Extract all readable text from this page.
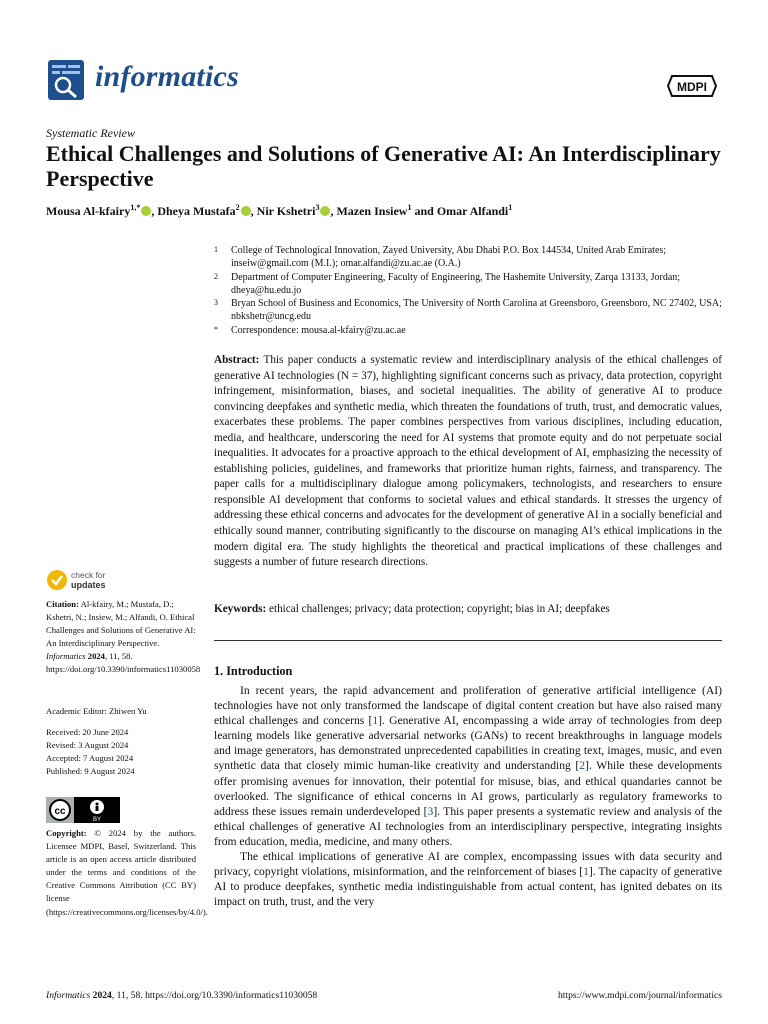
informatics	MDPI
Systematic Review
Ethical Challenges and Solutions of Generative AI: An Interdisciplinary Perspective
Mousa Al-kfairy$^{1,*}$ , Dheya Mustafa$^2$ , Nir Kshetri$^3$ , Mazen Insiew$^1$ and Omar Alfandi$^1$
1	College of Technological Innovation, Zayed University, Abu Dhabi P.O. Box 144534, United Arab Emirates; inseiw@gmail.com (M.I.); omar.alfandi@zu.ac.ae (O.A.)
2	Department of Computer Engineering, Faculty of Engineering, The Hashemite University, Zarqa 13133, Jordan; dheya@hu.edu.jo
3	Bryan School of Business and Economics, The University of North Carolina at Greensboro, Greensboro, NC 27402, USA; nbkshetr@uncg.edu
*	Correspondence: mousa.al-kfairy@zu.ac.ae

Abstract: This paper conducts a systematic review and interdisciplinary analysis of the ethical challenges of generative AI technologies (N = 37), highlighting significant concerns such as privacy, data protection, copyright infringement, misinformation, biases, and societal inequalities. The ability of generative AI to produce convincing deepfakes and synthetic media, which threaten the foundations of truth, trust, and democratic values, exacerbates these problems. The paper combines perspectives from various disciplines, including education, media, and healthcare, underscoring the need for AI systems that promote equity and do not perpetuate social inequalities. It advocates for a proactive approach to the ethical development of AI, emphasizing the necessity of establishing policies, guidelines, and frameworks that prioritize human rights, fairness, and transparency. The paper calls for a multidisciplinary dialogue among policymakers, technologists, and researchers to ensure responsible AI development that conforms to societal values and ethical standards. It stresses the urgency of addressing these ethical concerns and advocates for the development of generative AI in a socially beneficial and ethically sound manner, contributing significantly to the discourse on managing AI’s ethical implications in the modern digital era. The study highlights the theoretical and practical implications of these challenges and suggests a number of future research directions.

Keywords: ethical challenges; privacy; data protection; copyright; bias in AI; deepfakes
1. Introduction

In recent years, the rapid advancement and proliferation of generative artificial intelligence (AI) technologies have not only transformed the landscape of digital content creation but have also raised many ethical challenges and concerns [1]. Generative AI, encompassing a wide array of technologies from deep learning models like generative adversarial networks (GANs) to recent breakthroughs in language models and image generators, has demonstrated unprecedented capabilities in creating text, images, music, and even synthetic data that closely mimic human-like creativity and understanding [2]. While these developments offer promising avenues for innovation, their potential for misuse, bias, and ethical quandaries cannot be overlooked. The significance of ethical concerns in AI grows, particularly as regulatory frameworks to address these issues remain underdeveloped [3]. This paper presents a systematic review and analysis of the ethical challenges of generative AI technologies from an interdisciplinary perspective, integrating insights from education, media, medicine, and many others.

The ethical implications of generative AI are complex, encompassing issues with data security and privacy, copyright violations, misinformation, and the reinforcement of biases [1]. The capacity of generative AI to produce deepfakes, synthetic media indistinguishable from actual content, has ignited debates on its impact on truth, trust, and the very

check for
updates
Citation: Al-kfairy, M.; Mustafa, D.; Kshetri, N.; Insiew, M.; Alfandi, O. Ethical Challenges and Solutions of Generative AI: An Interdisciplinary Perspective. Informatics 2024, 11, 58. https://doi.org/10.3390/informatics11030058
Academic Editor: Zhiwen Yu
Received: 20 June 2024
Revised: 3 August 2024
Accepted: 7 August 2024
Published: 9 August 2024
cc
BY
Copyright: © 2024 by the authors. Licensee MDPI, Basel, Switzerland. This article is an open access article distributed under the terms and conditions of the Creative Commons Attribution (CC BY) license (https://creativecommons.org/licenses/by/4.0/).
Informatics 2024, 11, 58. https://doi.org/10.3390/informatics11030058	https://www.mdpi.com/journal/informatics
